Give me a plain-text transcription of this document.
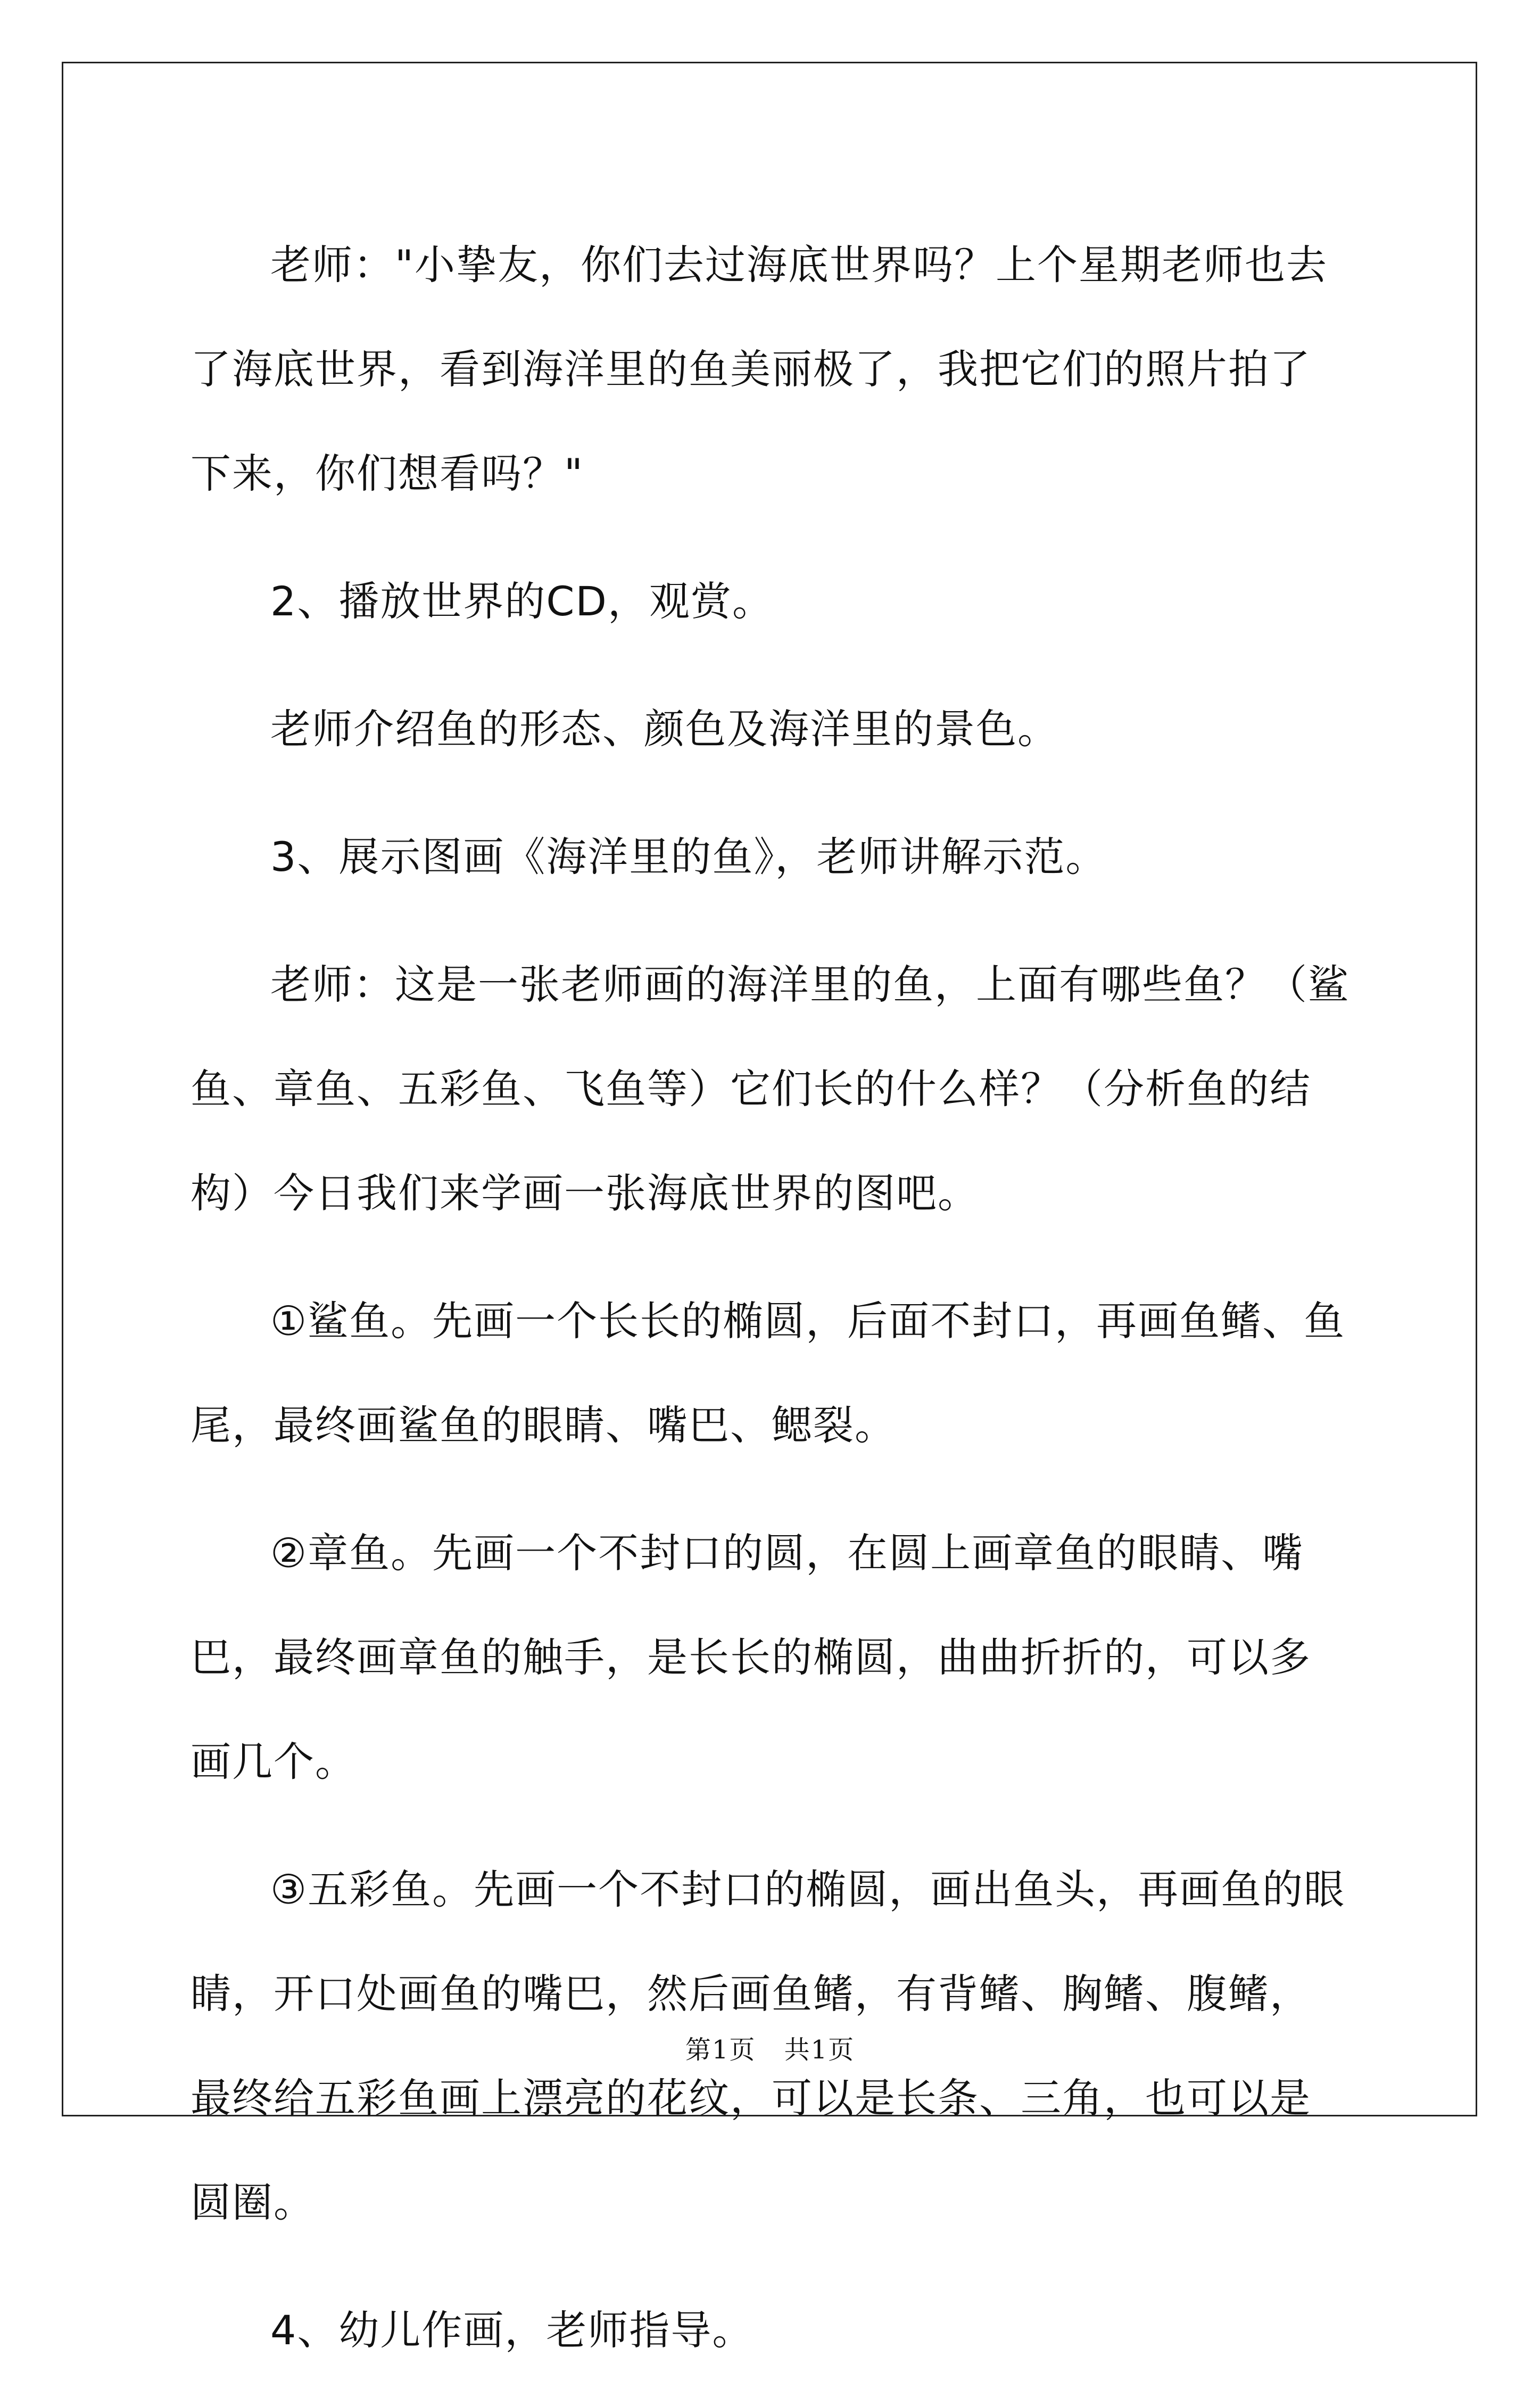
老师："小挚友，你们去过海底世界吗？上个星期老师也去了海底世界，看到海洋里的鱼美丽极了，我把它们的照片拍了下来，你们想看吗？"

2、播放世界的CD，观赏。

老师介绍鱼的形态、颜色及海洋里的景色。

3、展示图画《海洋里的鱼》，老师讲解示范。

老师：这是一张老师画的海洋里的鱼，上面有哪些鱼？（鲨鱼、章鱼、五彩鱼、飞鱼等）它们长的什么样？（分析鱼的结构）今日我们来学画一张海底世界的图吧。

①鲨鱼。先画一个长长的椭圆，后面不封口，再画鱼鳍、鱼尾，最终画鲨鱼的眼睛、嘴巴、鳃裂。

②章鱼。先画一个不封口的圆，在圆上画章鱼的眼睛、嘴巴，最终画章鱼的触手，是长长的椭圆，曲曲折折的，可以多画几个。

③五彩鱼。先画一个不封口的椭圆，画出鱼头，再画鱼的眼睛，开口处画鱼的嘴巴，然后画鱼鳍，有背鳍、胸鳍、腹鳍，最终给五彩鱼画上漂亮的花纹，可以是长条、三角，也可以是圆圈。

4、幼儿作画，老师指导。

第1页 共1页
